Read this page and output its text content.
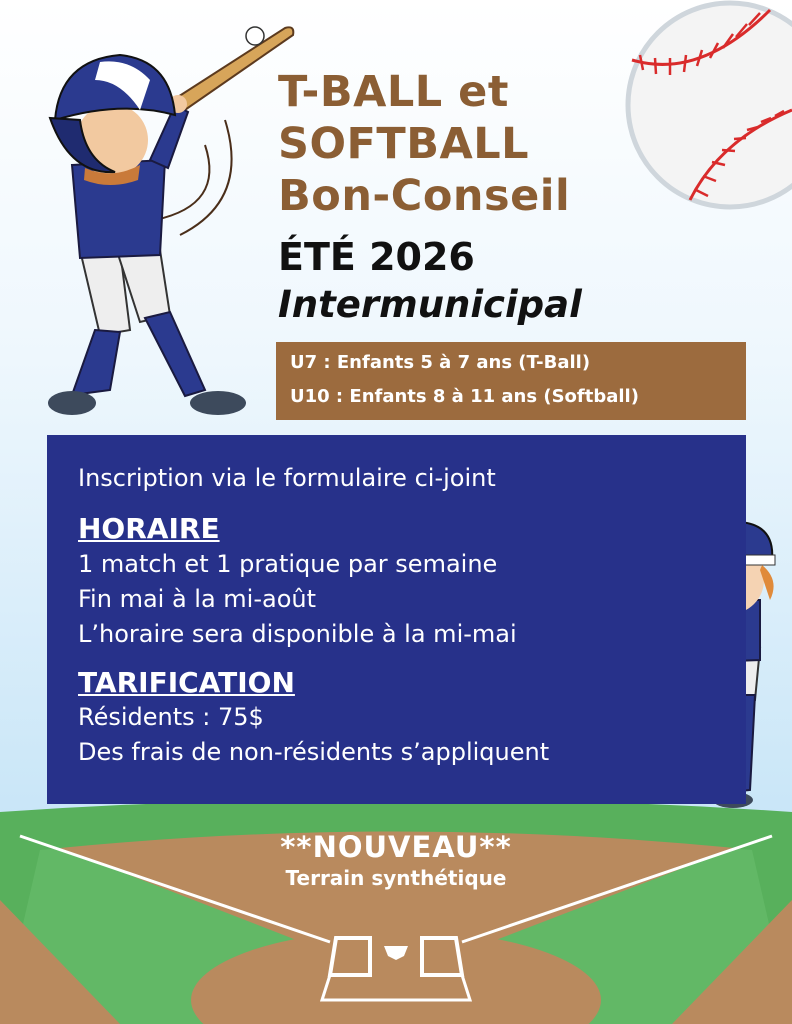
T-BALL et
SOFTBALL
Bon-Conseil
ÉTÉ 2026
Intermunicipal
U7 : Enfants 5 à 7 ans (T-Ball)
U10 : Enfants 8 à 11 ans (Softball)
Inscription via le formulaire ci-joint
HORAIRE
1 match et 1 pratique par semaine
Fin mai à la mi-août
L’horaire sera disponible à la mi-mai
TARIFICATION
Résidents : 75$
Des frais de non-résidents s’appliquent
**NOUVEAU**
Terrain synthétique
